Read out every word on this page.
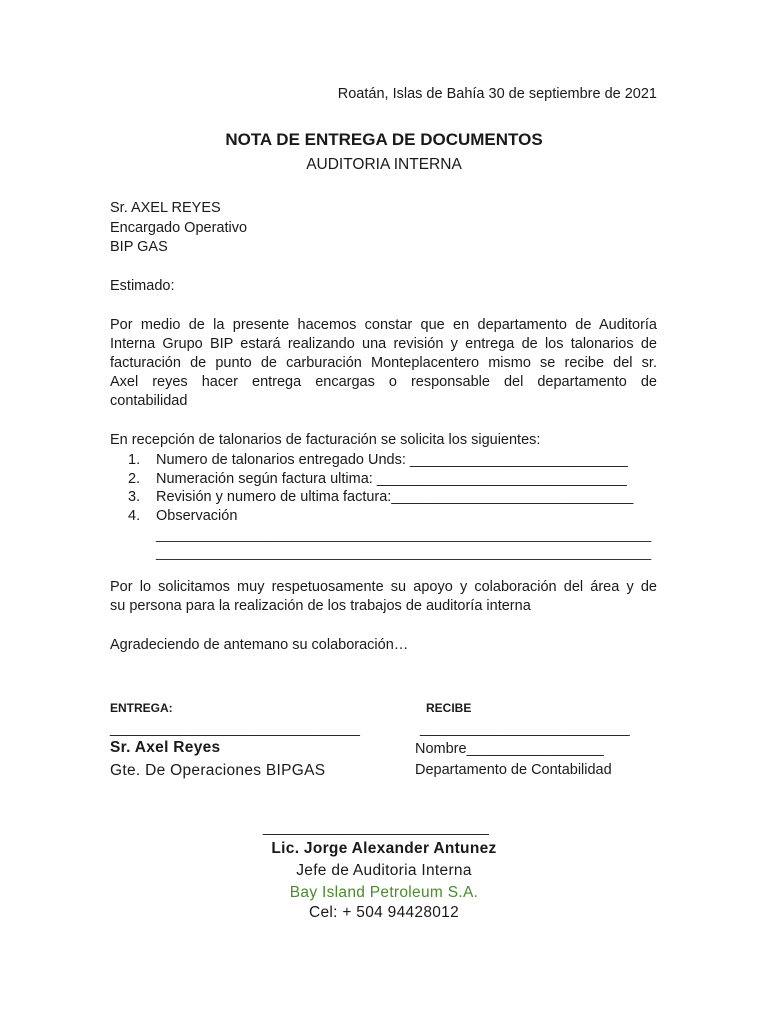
Roatán, Islas de Bahía 30 de septiembre de 2021
NOTA DE ENTREGA DE DOCUMENTOS
AUDITORIA INTERNA
Sr. AXEL REYES
Encargado Operativo
BIP GAS
Estimado:
Por medio de la presente hacemos constar que en departamento de Auditoría
Interna Grupo BIP estará realizando una revisión y entrega de los talonarios de
facturación de punto de carburación Monteplacentero mismo se recibe del sr.
Axel reyes hacer entrega encargas o responsable del departamento de
contabilidad
En recepción de talonarios de facturación se solicita los siguientes:
1. Numero de talonarios entregado Unds: ___________________________
2. Numeración según factura ultima: _______________________________
3. Revisión y numero de ultima factura:______________________________
4. Observación
________________________________________________________________
________________________________________________________________
Por lo solicitamos muy respetuosamente su apoyo y colaboración del área y de
su persona para la realización de los trabajos de auditoría interna
Agradeciendo de antemano su colaboración…
ENTREGA:
_______________________________
Sr. Axel Reyes
Gte. De Operaciones BIPGAS
RECIBE
__________________________
Nombre_________________
Departamento de Contabilidad
____________________________
Lic. Jorge Alexander Antunez
Jefe de Auditoria Interna
Bay Island Petroleum S.A.
Cel: + 504 94428012
